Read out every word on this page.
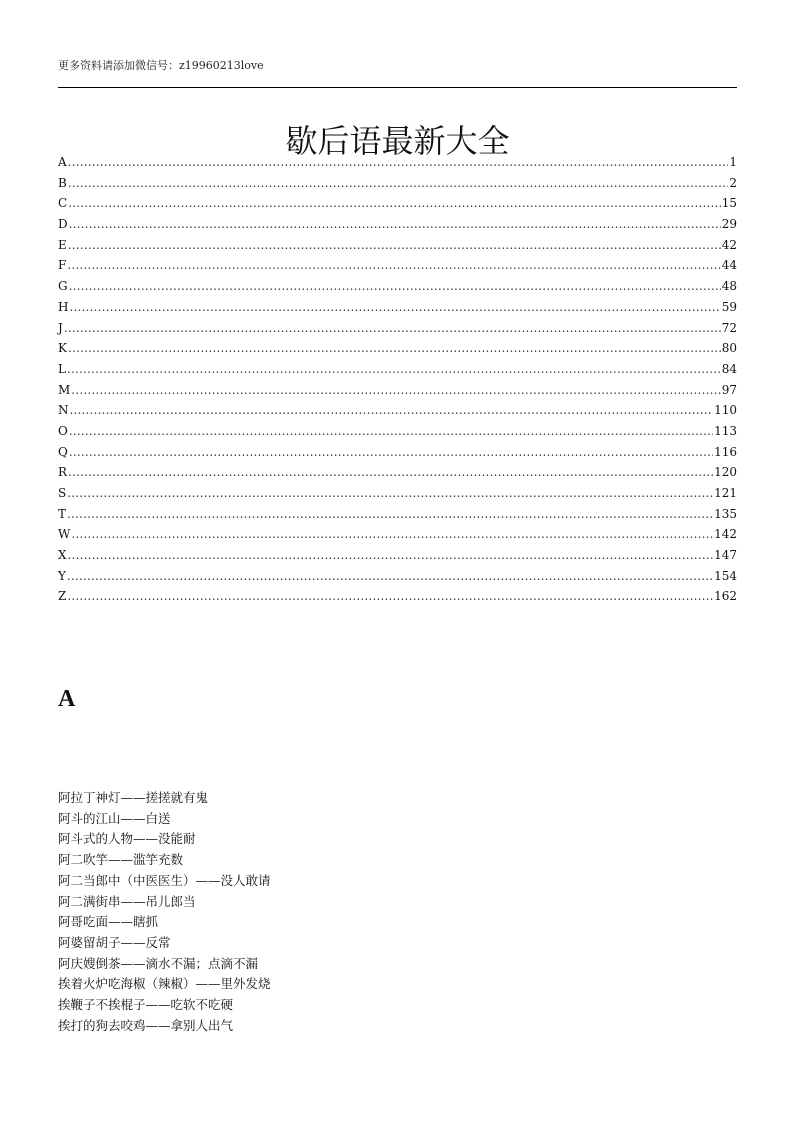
更多资料请添加微信号：z19960213love
歇后语最新大全
A .....	1
B .....	2
C .....	15
D .....	29
E .....	42
F .....	44
G .....	48
H .....	59
J .....	72
K .....	80
L .....	84
M .....	97
N .....	110
O .....	113
Q .....	116
R .....	120
S .....	121
T .....	135
W .....	142
X .....	147
Y .....	154
Z .....	162
A
阿拉丁神灯——搓搓就有鬼
阿斗的江山——白送
阿斗式的人物——没能耐
阿二吹竽——滥竽充数
阿二当郎中（中医医生）——没人敢请
阿二满街串——吊儿郎当
阿哥吃面——瞎抓
阿婆留胡子——反常
阿庆嫂倒茶——滴水不漏；点滴不漏
挨着火炉吃海椒（辣椒）——里外发烧
挨鞭子不挨棍子——吃软不吃硬
挨打的狗去咬鸡——拿别人出气
